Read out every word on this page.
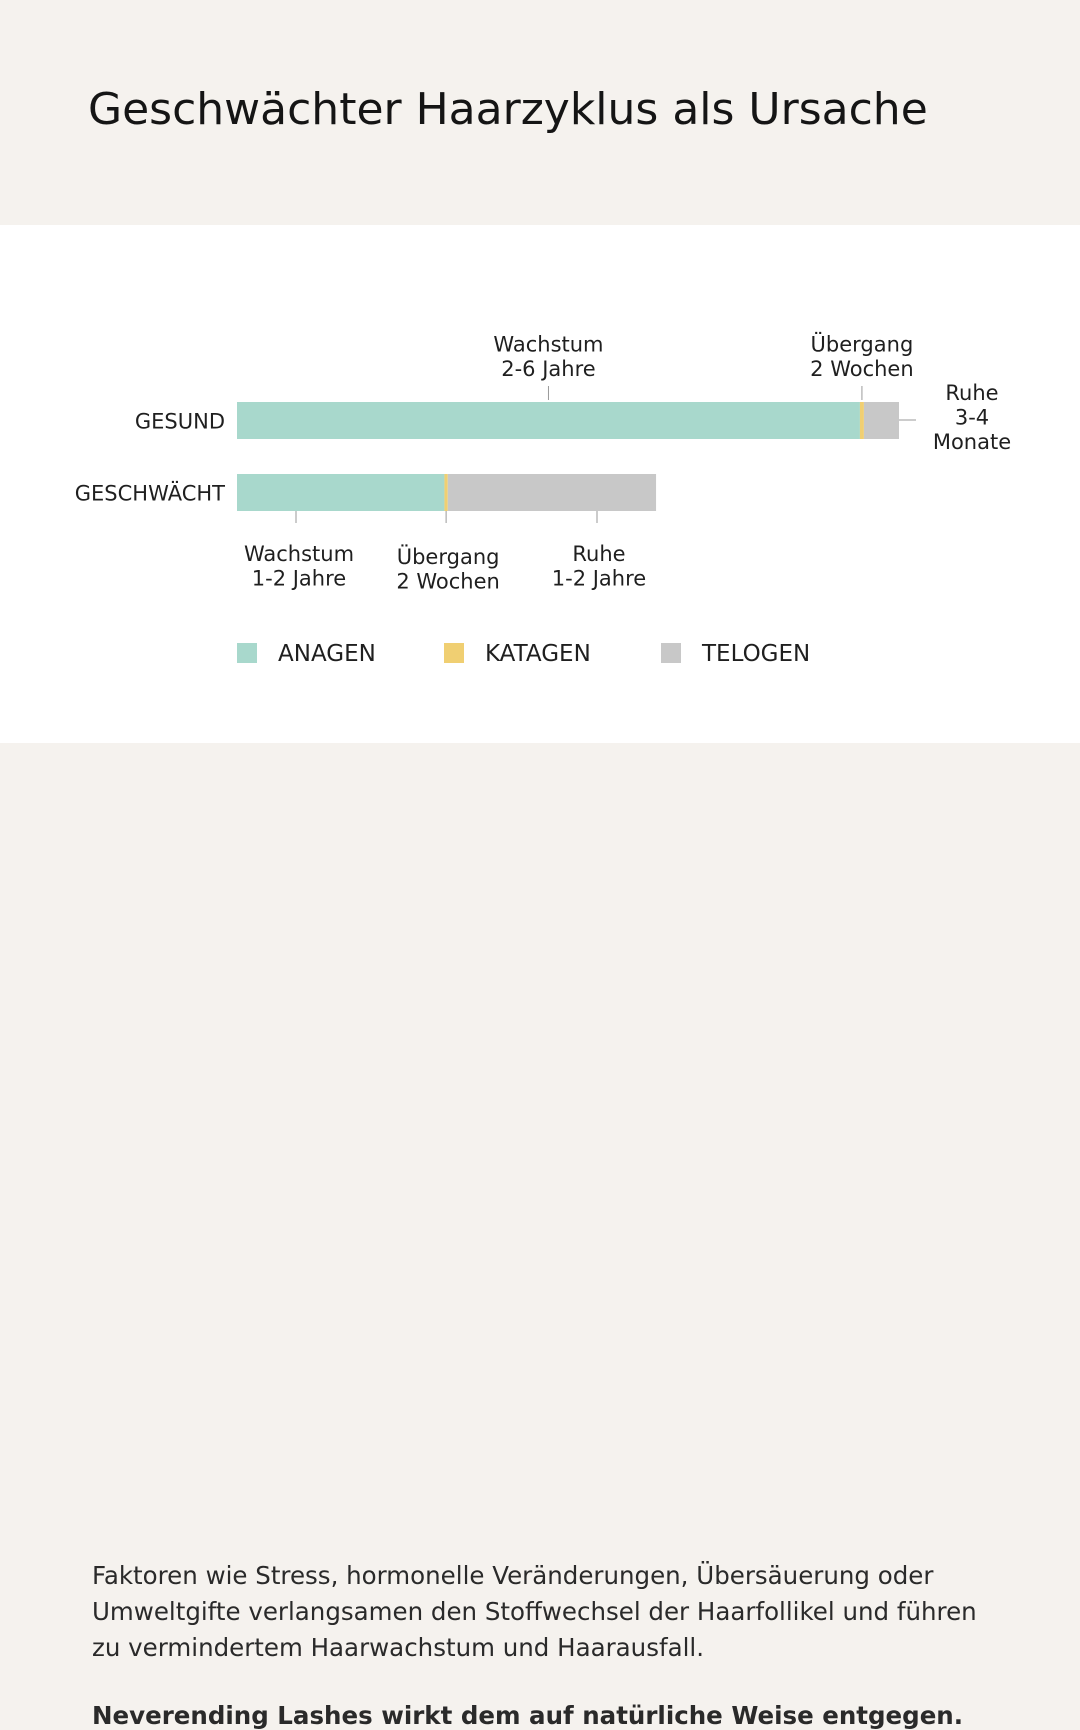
Geschwächter Haarzyklus als Ursache
GESUND
GESCHWÄCHT
Wachstum 2-6 Jahre
Übergang 2 Wochen
Ruhe 3-4 Monate
Wachstum 1-2 Jahre
Übergang 2 Wochen
Ruhe 1-2 Jahre
ANAGEN	KATAGEN	TELOGEN

Faktoren wie Stress, hormonelle Veränderungen, Übersäuerung oder
Umweltgifte verlangsamen den Stoffwechsel der Haarfollikel und führen
zu vermindertem Haarwachstum und Haarausfall.

Neverending Lashes wirkt dem auf natürliche Weise entgegen.
